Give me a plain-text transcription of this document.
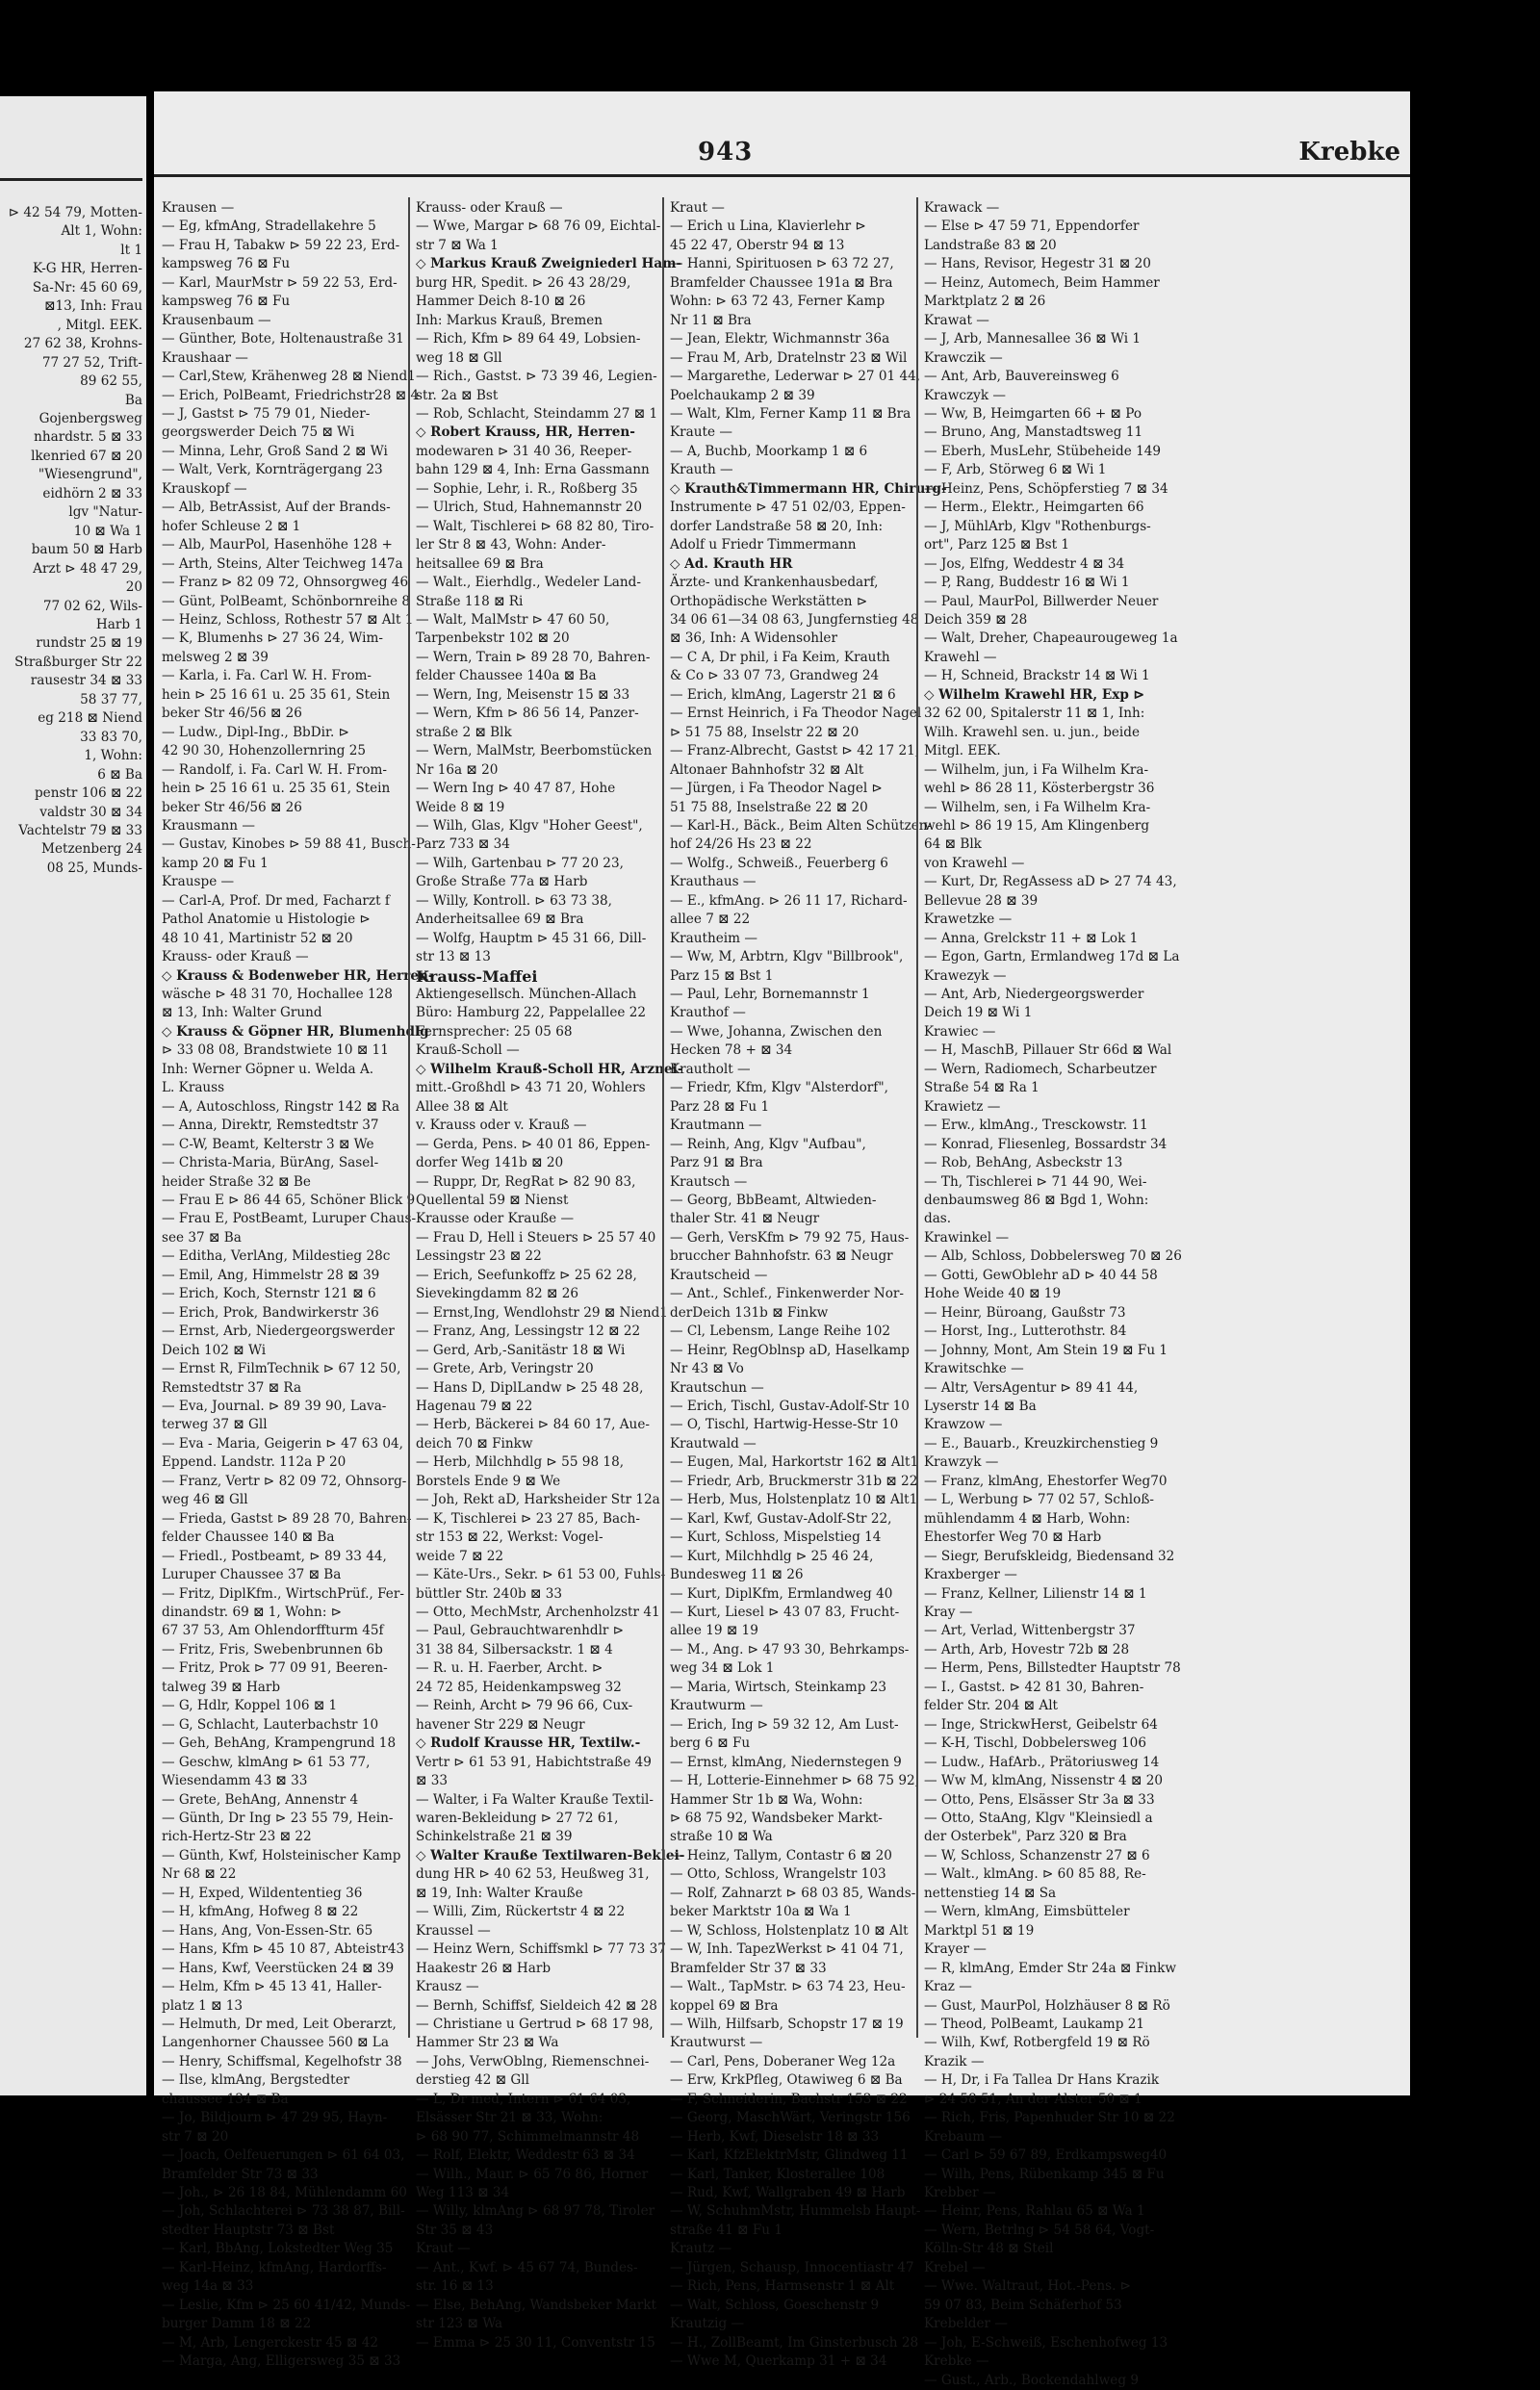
⊳ 42 54 79, Motten-
Alt 1, Wohn:
lt 1
K-G HR, Herren-
Sa-Nr: 45 60 69,
⊠13, Inh: Frau
, Mitgl. EEK.
27 62 38, Krohns-
77 27 52, Trift-
89 62 55,
Ba
Gojenbergsweg
nhardstr. 5 ⊠ 33
lkenried 67 ⊠ 20
"Wiesengrund",
eidhörn 2 ⊠ 33
lgv "Natur-
10 ⊠ Wa 1
baum 50 ⊠ Harb
Arzt ⊳ 48 47 29,
20
77 02 62, Wils-
Harb 1
rundstr 25 ⊠ 19
Straßburger Str 22
rausestr 34 ⊠ 33
58 37 77,
eg 218 ⊠ Niend
33 83 70,
1, Wohn:
6 ⊠ Ba
penstr 106 ⊠ 22
valdstr 30 ⊠ 34
Vachtelstr 79 ⊠ 33
Metzenberg 24
08 25, Munds-
943	Krebke
Krausen —
— Eg, kfmAng, Stradellakehre 5
— Frau H, Tabakw ⊳ 59 22 23, Erd-
kampsweg 76 ⊠ Fu
— Karl, MaurMstr ⊳ 59 22 53, Erd-
kampsweg 76 ⊠ Fu
Krausenbaum —
— Günther, Bote, Holtenaustraße 31
Kraushaar —
— Carl,Stew, Krähenweg 28 ⊠ Niend1
— Erich, PolBeamt, Friedrichstr28 ⊠ 4
— J, Gastst ⊳ 75 79 01, Nieder-
georgswerder Deich 75 ⊠ Wi
— Minna, Lehr, Groß Sand 2 ⊠ Wi
— Walt, Verk, Kornträgergang 23
Krauskopf —
— Alb, BetrAssist, Auf der Brands-
hofer Schleuse 2 ⊠ 1
— Alb, MaurPol, Hasenhöhe 128 +
— Arth, Steins, Alter Teichweg 147a
— Franz ⊳ 82 09 72, Ohnsorgweg 46
— Günt, PolBeamt, Schönbornreihe 8
— Heinz, Schloss, Rothestr 57 ⊠ Alt 1
— K, Blumenhs ⊳ 27 36 24, Wim-
melsweg 2 ⊠ 39
— Karla, i. Fa. Carl W. H. From-
hein ⊳ 25 16 61 u. 25 35 61, Stein
beker Str 46/56 ⊠ 26
— Ludw., Dipl-Ing., BbDir. ⊳
42 90 30, Hohenzollernring 25
— Randolf, i. Fa. Carl W. H. From-
hein ⊳ 25 16 61 u. 25 35 61, Stein
beker Str 46/56 ⊠ 26
Krausmann —
— Gustav, Kinobes ⊳ 59 88 41, Busch-
kamp 20 ⊠ Fu 1
Krauspe —
— Carl-A, Prof. Dr med, Facharzt f
Pathol Anatomie u Histologie ⊳
48 10 41, Martinistr 52 ⊠ 20
Krauss- oder Krauß —
◇ Krauss & Bodenweber HR, Herren-
wäsche ⊳ 48 31 70, Hochallee 128
⊠ 13, Inh: Walter Grund
◇ Krauss & Göpner HR, Blumenhdlg
⊳ 33 08 08, Brandstwiete 10 ⊠ 11
Inh: Werner Göpner u. Welda A.
L. Krauss
— A, Autoschloss, Ringstr 142 ⊠ Ra
— Anna, Direktr, Remstedtstr 37
— C-W, Beamt, Kelterstr 3 ⊠ We
— Christa-Maria, BürAng, Sasel-
heider Straße 32 ⊠ Be
— Frau E ⊳ 86 44 65, Schöner Blick 9
— Frau E, PostBeamt, Luruper Chaus-
see 37 ⊠ Ba
— Editha, VerlAng, Mildestieg 28c
— Emil, Ang, Himmelstr 28 ⊠ 39
— Erich, Koch, Sternstr 121 ⊠ 6
— Erich, Prok, Bandwirkerstr 36
— Ernst, Arb, Niedergeorgswerder
Deich 102 ⊠ Wi
— Ernst R, FilmTechnik ⊳ 67 12 50,
Remstedtstr 37 ⊠ Ra
— Eva, Journal. ⊳ 89 39 90, Lava-
terweg 37 ⊠ Gll
— Eva - Maria, Geigerin ⊳ 47 63 04,
Eppend. Landstr. 112a P 20
— Franz, Vertr ⊳ 82 09 72, Ohnsorg-
weg 46 ⊠ Gll
— Frieda, Gastst ⊳ 89 28 70, Bahren-
felder Chaussee 140 ⊠ Ba
— Friedl., Postbeamt, ⊳ 89 33 44,
Luruper Chaussee 37 ⊠ Ba
— Fritz, DiplKfm., WirtschPrüf., Fer-
dinandstr. 69 ⊠ 1, Wohn: ⊳
67 37 53, Am Ohlendorffturm 45f
— Fritz, Fris, Swebenbrunnen 6b
— Fritz, Prok ⊳ 77 09 91, Beeren-
talweg 39 ⊠ Harb
— G, Hdlr, Koppel 106 ⊠ 1
— G, Schlacht, Lauterbachstr 10
— Geh, BehAng, Krampengrund 18
— Geschw, klmAng ⊳ 61 53 77,
Wiesendamm 43 ⊠ 33
— Grete, BehAng, Annenstr 4
— Günth, Dr Ing ⊳ 23 55 79, Hein-
rich-Hertz-Str 23 ⊠ 22
— Günth, Kwf, Holsteinischer Kamp
Nr 68 ⊠ 22
— H, Exped, Wildententieg 36
— H, kfmAng, Hofweg 8 ⊠ 22
— Hans, Ang, Von-Essen-Str. 65
— Hans, Kfm ⊳ 45 10 87, Abteistr43
— Hans, Kwf, Veerstücken 24 ⊠ 39
— Helm, Kfm ⊳ 45 13 41, Haller-
platz 1 ⊠ 13
— Helmuth, Dr med, Leit Oberarzt,
Langenhorner Chaussee 560 ⊠ La
— Henry, Schiffsmal, Kegelhofstr 38
— Ilse, klmAng, Bergstedter
chaussee 134 ⊠ Ba
— Jo, Bildjourn ⊳ 47 29 95, Hayn-
str 7 ⊠ 20
— Joach, Oelfeuerungen ⊳ 61 64 03,
Bramfelder Str 73 ⊠ 33
— Joh., ⊳ 26 18 84, Mühlendamm 60
— Joh, Schlachterei ⊳ 73 38 87, Bill-
stedter Hauptstr 73 ⊠ Bst
— Karl, BbAng, Lokstedter Weg 35
— Karl-Heinz, kfmAng, Hardorffs-
weg 14a ⊠ 33
— Leslie, Kfm ⊳ 25 60 41/42, Munds-
burger Damm 18 ⊠ 22
— M, Arb, Lengerckestr 45 ⊠ 42
— Marga, Ang, Elligersweg 35 ⊠ 33
Krauss- oder Krauß —
— Wwe, Margar ⊳ 68 76 09, Eichtal-
str 7 ⊠ Wa 1
◇ Markus Krauß Zweigniederl Ham-
burg HR, Spedit. ⊳ 26 43 28/29,
Hammer Deich 8-10 ⊠ 26
Inh: Markus Krauß, Bremen
— Rich, Kfm ⊳ 89 64 49, Lobsien-
weg 18 ⊠ Gll
— Rich., Gastst. ⊳ 73 39 46, Legien-
str. 2a ⊠ Bst
— Rob, Schlacht, Steindamm 27 ⊠ 1
◇ Robert Krauss, HR, Herren-
modewaren ⊳ 31 40 36, Reeper-
bahn 129 ⊠ 4, Inh: Erna Gassmann
— Sophie, Lehr, i. R., Roßberg 35
— Ulrich, Stud, Hahnemannstr 20
— Walt, Tischlerei ⊳ 68 82 80, Tiro-
ler Str 8 ⊠ 43, Wohn: Ander-
heitsallee 69 ⊠ Bra
— Walt., Eierhdlg., Wedeler Land-
Straße 118 ⊠ Ri
— Walt, MalMstr ⊳ 47 60 50,
Tarpenbekstr 102 ⊠ 20
— Wern, Train ⊳ 89 28 70, Bahren-
felder Chaussee 140a ⊠ Ba
— Wern, Ing, Meisenstr 15 ⊠ 33
— Wern, Kfm ⊳ 86 56 14, Panzer-
straße 2 ⊠ Blk
— Wern, MalMstr, Beerbomstücken
Nr 16a ⊠ 20
— Wern Ing ⊳ 40 47 87, Hohe
Weide 8 ⊠ 19
— Wilh, Glas, Klgv "Hoher Geest",
Parz 733 ⊠ 34
— Wilh, Gartenbau ⊳ 77 20 23,
Große Straße 77a ⊠ Harb
— Willy, Kontroll. ⊳ 63 73 38,
Anderheitsallee 69 ⊠ Bra
— Wolfg, Hauptm ⊳ 45 31 66, Dill-
str 13 ⊠ 13
Krauss-Maffei
Aktiengesellsch. München-Allach
Büro: Hamburg 22, Pappelallee 22
Fernsprecher: 25 05 68
Krauß-Scholl —
◇ Wilhelm Krauß-Scholl HR, Arznei-
mitt.-Großhdl ⊳ 43 71 20, Wohlers
Allee 38 ⊠ Alt
v. Krauss oder v. Krauß —
— Gerda, Pens. ⊳ 40 01 86, Eppen-
dorfer Weg 141b ⊠ 20
— Ruppr, Dr, RegRat ⊳ 82 90 83,
Quellental 59 ⊠ Nienst
Krausse oder Krauße —
— Frau D, Hell i Steuers ⊳ 25 57 40
Lessingstr 23 ⊠ 22
— Erich, Seefunkoffz ⊳ 25 62 28,
Sievekingdamm 82 ⊠ 26
— Ernst,Ing, Wendlohstr 29 ⊠ Niend1
— Franz, Ang, Lessingstr 12 ⊠ 22
— Gerd, Arb,-Sanitästr 18 ⊠ Wi
— Grete, Arb, Veringstr 20
— Hans D, DiplLandw ⊳ 25 48 28,
Hagenau 79 ⊠ 22
— Herb, Bäckerei ⊳ 84 60 17, Aue-
deich 70 ⊠ Finkw
— Herb, Milchhdlg ⊳ 55 98 18,
Borstels Ende 9 ⊠ We
— Joh, Rekt aD, Harksheider Str 12a
— K, Tischlerei ⊳ 23 27 85, Bach-
str 153 ⊠ 22, Werkst: Vogel-
weide 7 ⊠ 22
— Käte-Urs., Sekr. ⊳ 61 53 00, Fuhls-
büttler Str. 240b ⊠ 33
— Otto, MechMstr, Archenholzstr 41
— Paul, Gebrauchtwarenhdlr ⊳
31 38 84, Silbersackstr. 1 ⊠ 4
— R. u. H. Faerber, Archt. ⊳
24 72 85, Heidenkampsweg 32
— Reinh, Archt ⊳ 79 96 66, Cux-
havener Str 229 ⊠ Neugr
◇ Rudolf Krausse HR, Textilw.-
Vertr ⊳ 61 53 91, Habichtstraße 49
⊠ 33
— Walter, i Fa Walter Krauße Textil-
waren-Bekleidung ⊳ 27 72 61,
Schinkelstraße 21 ⊠ 39
◇ Walter Krauße Textilwaren-Beklei-
dung HR ⊳ 40 62 53, Heußweg 31,
⊠ 19, Inh: Walter Krauße
— Willi, Zim, Rückertstr 4 ⊠ 22
Kraussel —
— Heinz Wern, Schiffsmkl ⊳ 77 73 37
Haakestr 26 ⊠ Harb
Krausz —
— Bernh, Schiffsf, Sieldeich 42 ⊠ 28
— Christiane u Gertrud ⊳ 68 17 98,
Hammer Str 23 ⊠ Wa
— Johs, VerwOblng, Riemenschnei-
derstieg 42 ⊠ Gll
— L, Dr med, Intern ⊳ 61 64 03,
Elsässer Str 21 ⊠ 33, Wohn:
⊳ 68 90 77, Schimmelmannstr 48
— Rolf, Elektr, Weddestr 63 ⊠ 34
— Wilh., Maur. ⊳ 65 76 86, Horner
Weg 113 ⊠ 34
— Willy, klmAng ⊳ 68 97 78, Tiroler
Str 35 ⊠ 43
Kraut —
— Ant., Kwf. ⊳ 45 67 74, Bundes-
str. 16 ⊠ 13
— Else, BehAng, Wandsbeker Markt
str 123 ⊠ Wa
— Emma ⊳ 25 30 11, Conventstr 15
Kraut —
— Erich u Lina, Klavierlehr ⊳
45 22 47, Oberstr 94 ⊠ 13
— Hanni, Spirituosen ⊳ 63 72 27,
Bramfelder Chaussee 191a ⊠ Bra
Wohn: ⊳ 63 72 43, Ferner Kamp
Nr 11 ⊠ Bra
— Jean, Elektr, Wichmannstr 36a
— Frau M, Arb, Dratelnstr 23 ⊠ Wil
— Margarethe, Lederwar ⊳ 27 01 44,
Poelchaukamp 2 ⊠ 39
— Walt, Klm, Ferner Kamp 11 ⊠ Bra
Kraute —
— A, Buchb, Moorkamp 1 ⊠ 6
Krauth —
◇ Krauth&Timmermann HR, Chirurg-
Instrumente ⊳ 47 51 02/03, Eppen-
dorfer Landstraße 58 ⊠ 20, Inh:
Adolf u Friedr Timmermann
◇ Ad. Krauth HR
Ärzte- und Krankenhausbedarf,
Orthopädische Werkstätten ⊳
34 06 61—34 08 63, Jungfernstieg 48
⊠ 36, Inh: A Widensohler
— C A, Dr phil, i Fa Keim, Krauth
& Co ⊳ 33 07 73, Grandweg 24
— Erich, klmAng, Lagerstr 21 ⊠ 6
— Ernst Heinrich, i Fa Theodor Nagel
⊳ 51 75 88, Inselstr 22 ⊠ 20
— Franz-Albrecht, Gastst ⊳ 42 17 21,
Altonaer Bahnhofstr 32 ⊠ Alt
— Jürgen, i Fa Theodor Nagel ⊳
51 75 88, Inselstraße 22 ⊠ 20
— Karl-H., Bäck., Beim Alten Schützen-
hof 24/26 Hs 23 ⊠ 22
— Wolfg., Schweiß., Feuerberg 6
Krauthaus —
— E., kfmAng. ⊳ 26 11 17, Richard-
allee 7 ⊠ 22
Krautheim —
— Ww, M, Arbtrn, Klgv "Billbrook",
Parz 15 ⊠ Bst 1
— Paul, Lehr, Bornemannstr 1
Krauthof —
— Wwe, Johanna, Zwischen den
Hecken 78 + ⊠ 34
Krautholt —
— Friedr, Kfm, Klgv "Alsterdorf",
Parz 28 ⊠ Fu 1
Krautmann —
— Reinh, Ang, Klgv "Aufbau",
Parz 91 ⊠ Bra
Krautsch —
— Georg, BbBeamt, Altwieden-
thaler Str. 41 ⊠ Neugr
— Gerh, VersKfm ⊳ 79 92 75, Haus-
bruccher Bahnhofstr. 63 ⊠ Neugr
Krautscheid —
— Ant., Schlef., Finkenwerder Nor-
derDeich 131b ⊠ Finkw
— Cl, Lebensm, Lange Reihe 102
— Heinr, RegOblnsp aD, Haselkamp
Nr 43 ⊠ Vo
Krautschun —
— Erich, Tischl, Gustav-Adolf-Str 10
— O, Tischl, Hartwig-Hesse-Str 10
Krautwald —
— Eugen, Mal, Harkortstr 162 ⊠ Alt1
— Friedr, Arb, Bruckmerstr 31b ⊠ 22
— Herb, Mus, Holstenplatz 10 ⊠ Alt1
— Karl, Kwf, Gustav-Adolf-Str 22,
— Kurt, Schloss, Mispelstieg 14
— Kurt, Milchhdlg ⊳ 25 46 24,
Bundesweg 11 ⊠ 26
— Kurt, DiplKfm, Ermlandweg 40
— Kurt, Liesel ⊳ 43 07 83, Frucht-
allee 19 ⊠ 19
— M., Ang. ⊳ 47 93 30, Behrkamps-
weg 34 ⊠ Lok 1
— Maria, Wirtsch, Steinkamp 23
Krautwurm —
— Erich, Ing ⊳ 59 32 12, Am Lust-
berg 6 ⊠ Fu
— Ernst, klmAng, Niedernstegen 9
— H, Lotterie-Einnehmer ⊳ 68 75 92,
Hammer Str 1b ⊠ Wa, Wohn:
⊳ 68 75 92, Wandsbeker Markt-
straße 10 ⊠ Wa
— Heinz, Tallym, Contastr 6 ⊠ 20
— Otto, Schloss, Wrangelstr 103
— Rolf, Zahnarzt ⊳ 68 03 85, Wands-
beker Marktstr 10a ⊠ Wa 1
— W, Schloss, Holstenplatz 10 ⊠ Alt
— W, Inh. TapezWerkst ⊳ 41 04 71,
Bramfelder Str 37 ⊠ 33
— Walt., TapMstr. ⊳ 63 74 23, Heu-
koppel 69 ⊠ Bra
— Wilh, Hilfsarb, Schopstr 17 ⊠ 19
Krautwurst —
— Carl, Pens, Doberaner Weg 12a
— Erw, KrkPfleg, Otawiweg 6 ⊠ Ba
— F, Schneiderin, Bachstr 153 ⊠ 22
— Georg, MaschWärt, Veringstr 156
— Herb, Kwf, Dieselstr 18 ⊠ 33
— Karl, KfzElektrMstr, Glindweg 11
— Karl, Tanker, Klosterallee 108
— Rud, Kwf, Wallgraben 49 ⊠ Harb
— W, SchuhmMstr, Hummelsb Haupt-
straße 41 ⊠ Fu 1
Krautz —
— Jürgen, Schausp, Innocentiastr 47
— Rich, Pens, Harmsenstr 1 ⊠ Alt
— Walt, Schloss, Goeschenstr 9
Krautzig —
— H., ZollBeamt, Im Ginsterbusch 28
— Wwe M, Querkamp 31 + ⊠ 34
Krawack —
— Else ⊳ 47 59 71, Eppendorfer
Landstraße 83 ⊠ 20
— Hans, Revisor, Hegestr 31 ⊠ 20
— Heinz, Automech, Beim Hammer
Marktplatz 2 ⊠ 26
Krawat —
— J, Arb, Mannesallee 36 ⊠ Wi 1
Krawczik —
— Ant, Arb, Bauvereinsweg 6
Krawczyk —
— Ww, B, Heimgarten 66 + ⊠ Po
— Bruno, Ang, Manstadtsweg 11
— Eberh, MusLehr, Stübeheide 149
— F, Arb, Störweg 6 ⊠ Wi 1
— Heinz, Pens, Schöpferstieg 7 ⊠ 34
— Herm., Elektr., Heimgarten 66
— J, MühlArb, Klgv "Rothenburgs-
ort", Parz 125 ⊠ Bst 1
— Jos, Elfng, Weddestr 4 ⊠ 34
— P, Rang, Buddestr 16 ⊠ Wi 1
— Paul, MaurPol, Billwerder Neuer
Deich 359 ⊠ 28
— Walt, Dreher, Chapeaurougeweg 1a
Krawehl —
— H, Schneid, Brackstr 14 ⊠ Wi 1
◇ Wilhelm Krawehl HR, Exp ⊳
32 62 00, Spitalerstr 11 ⊠ 1, Inh:
Wilh. Krawehl sen. u. jun., beide
Mitgl. EEK.
— Wilhelm, jun, i Fa Wilhelm Kra-
wehl ⊳ 86 28 11, Kösterbergstr 36
— Wilhelm, sen, i Fa Wilhelm Kra-
wehl ⊳ 86 19 15, Am Klingenberg
64 ⊠ Blk
von Krawehl —
— Kurt, Dr, RegAssess aD ⊳ 27 74 43,
Bellevue 28 ⊠ 39
Krawetzke —
— Anna, Grelckstr 11 + ⊠ Lok 1
— Egon, Gartn, Ermlandweg 17d ⊠ La
Krawezyk —
— Ant, Arb, Niedergeorgswerder
Deich 19 ⊠ Wi 1
Krawiec —
— H, MaschB, Pillauer Str 66d ⊠ Wal
— Wern, Radiomech, Scharbeutzer
Straße 54 ⊠ Ra 1
Krawietz —
— Erw., klmAng., Tresckowstr. 11
— Konrad, Fliesenleg, Bossardstr 34
— Rob, BehAng, Asbeckstr 13
— Th, Tischlerei ⊳ 71 44 90, Wei-
denbaumsweg 86 ⊠ Bgd 1, Wohn:
das.
Krawinkel —
— Alb, Schloss, Dobbelersweg 70 ⊠ 26
— Gotti, GewOblehr aD ⊳ 40 44 58
Hohe Weide 40 ⊠ 19
— Heinr, Büroang, Gaußstr 73
— Horst, Ing., Lutterothstr. 84
— Johnny, Mont, Am Stein 19 ⊠ Fu 1
Krawitschke —
— Altr, VersAgentur ⊳ 89 41 44,
Lyserstr 14 ⊠ Ba
Krawzow —
— E., Bauarb., Kreuzkirchenstieg 9
Krawzyk —
— Franz, klmAng, Ehestorfer Weg70
— L, Werbung ⊳ 77 02 57, Schloß-
mühlendamm 4 ⊠ Harb, Wohn:
Ehestorfer Weg 70 ⊠ Harb
— Siegr, Berufskleidg, Biedensand 32
Kraxberger —
— Franz, Kellner, Lilienstr 14 ⊠ 1
Kray —
— Art, Verlad, Wittenbergstr 37
— Arth, Arb, Hovestr 72b ⊠ 28
— Herm, Pens, Billstedter Hauptstr 78
— I., Gastst. ⊳ 42 81 30, Bahren-
felder Str. 204 ⊠ Alt
— Inge, StrickwHerst, Geibelstr 64
— K-H, Tischl, Dobbelersweg 106
— Ludw., HafArb., Prätoriusweg 14
— Ww M, klmAng, Nissenstr 4 ⊠ 20
— Otto, Pens, Elsässer Str 3a ⊠ 33
— Otto, StaAng, Klgv "Kleinsiedl a
der Osterbek", Parz 320 ⊠ Bra
— W, Schloss, Schanzenstr 27 ⊠ 6
— Walt., klmAng. ⊳ 60 85 88, Re-
nettenstieg 14 ⊠ Sa
— Wern, klmAng, Eimsbütteler
Marktpl 51 ⊠ 19
Krayer —
— R, klmAng, Emder Str 24a ⊠ Finkw
Kraz —
— Gust, MaurPol, Holzhäuser 8 ⊠ Rö
— Theod, PolBeamt, Laukamp 21
— Wilh, Kwf, Rotbergfeld 19 ⊠ Rö
Krazik —
— H, Dr, i Fa Tallea Dr Hans Krazik
⊳ 24 58 51, An der Alster 50 ⊠ 1
— Rich, Fris, Papenhuder Str 10 ⊠ 22
Krebaum —
— Carl ⊳ 59 67 89, Erdkampsweg40
— Wilh, Pens, Rübenkamp 345 ⊠ Fu
Krebber —
— Heinr, Pens, Rahlau 65 ⊠ Wa 1
— Wern, Betrlng ⊳ 54 58 64, Vogt-
Kölln-Str 48 ⊠ Steil
Krebel —
— Wwe. Waltraut, Hot.-Pens. ⊳
59 07 83, Beim Schäferhof 53
Krebelder —
— Joh, E-Schweiß, Eschenhofweg 13
Krebke —
— Gust., Arb., Bockendahlweg 9
